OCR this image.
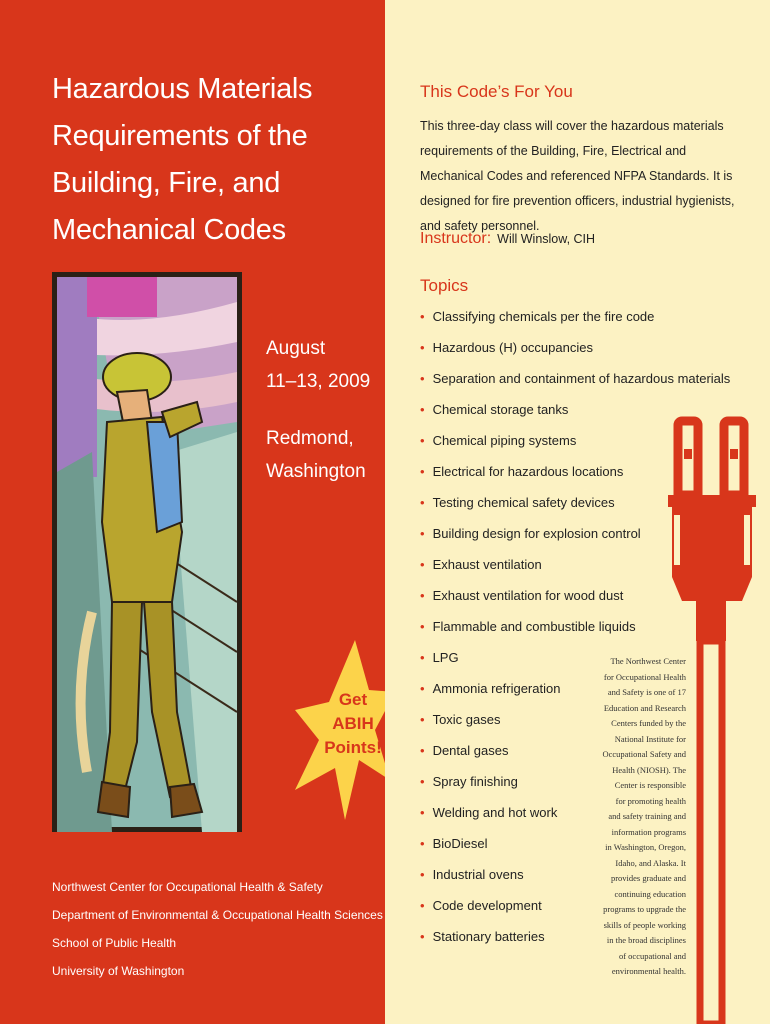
Hazardous Materials
Requirements of the
Building, Fire, and
Mechanical Codes
August
11–13, 2009
Redmond,
Washington
Get
ABIH
Points!
Northwest Center for Occupational Health & Safety
Department of Environmental & Occupational Health Sciences
School of Public Health
University of Washington
This Code’s For You
This three-day class will cover the hazardous materials requirements of the Building, Fire, Electrical and Mechanical Codes and referenced NFPA Standards. It is designed for fire prevention officers, industrial hygienists, and safety personnel.
Instructor: Will Winslow, CIH
Topics
• Classifying chemicals per the fire code
• Hazardous (H) occupancies
• Separation and containment of hazardous materials
• Chemical storage tanks
• Chemical piping systems
• Electrical for hazardous locations
• Testing chemical safety devices
• Building design for explosion control
• Exhaust ventilation
• Exhaust ventilation for wood dust
• Flammable and combustible liquids
• LPG
• Ammonia refrigeration
• Toxic gases
• Dental gases
• Spray finishing
• Welding and hot work
• BioDiesel
• Industrial ovens
• Code development
• Stationary batteries
The Northwest Center
for Occupational Health
and Safety is one of 17
Education and Research
Centers funded by the
National Institute for
Occupational Safety and
Health (NIOSH). The
Center is responsible
for promoting health
and safety training and
information programs
in Washington, Oregon,
Idaho, and Alaska. It
provides graduate and
continuing education
programs to upgrade the
skills of people working
in the broad disciplines
of occupational and
environmental health.
